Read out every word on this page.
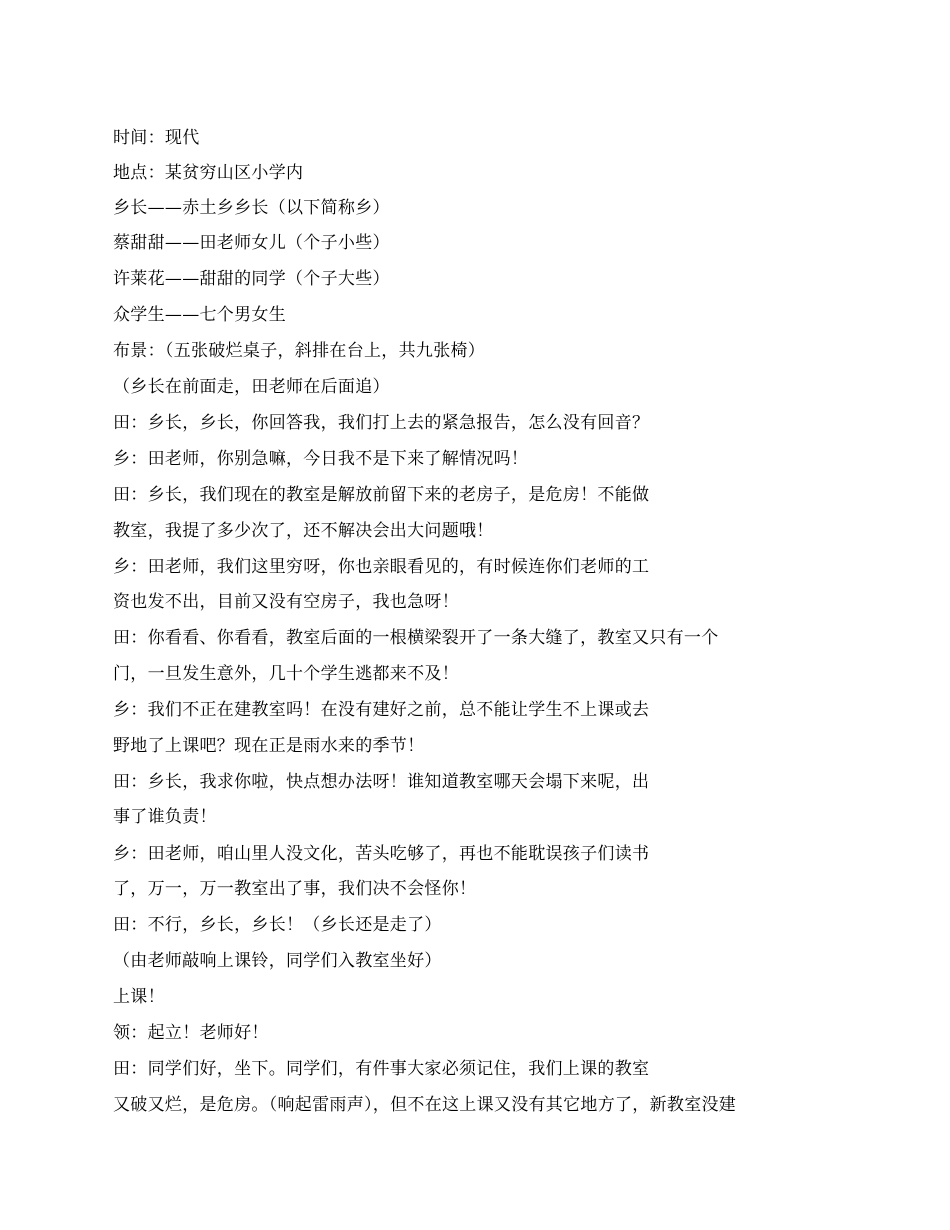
时间：现代
地点：某贫穷山区小学内
乡长——赤土乡乡长（以下简称乡）
蔡甜甜——田老师女儿（个子小些）
许莱花——甜甜的同学（个子大些）
众学生——七个男女生
布景：（五张破烂桌子，斜排在台上，共九张椅）
（乡长在前面走，田老师在后面追）
田：乡长，乡长，你回答我，我们打上去的紧急报告，怎么没有回音？
乡：田老师，你别急嘛，今日我不是下来了解情况吗！
田：乡长，我们现在的教室是解放前留下来的老房子，是危房！不能做
教室，我提了多少次了，还不解决会出大问题哦！
乡：田老师，我们这里穷呀，你也亲眼看见的，有时候连你们老师的工
资也发不出，目前又没有空房子，我也急呀！
田：你看看、你看看，教室后面的一根横梁裂开了一条大缝了，教室又只有一个
门，一旦发生意外，几十个学生逃都来不及！
乡：我们不正在建教室吗！在没有建好之前，总不能让学生不上课或去
野地了上课吧？现在正是雨水来的季节！
田：乡长，我求你啦，快点想办法呀！谁知道教室哪天会塌下来呢，出
事了谁负责！
乡：田老师，咱山里人没文化，苦头吃够了，再也不能耽误孩子们读书
了，万一，万一教室出了事，我们决不会怪你！
田：不行，乡长，乡长！（乡长还是走了）
（由老师敲响上课铃，同学们入教室坐好）
上课！
领：起立！老师好！
田：同学们好，坐下。同学们，有件事大家必须记住，我们上课的教室
又破又烂，是危房。（响起雷雨声），但不在这上课又没有其它地方了，新教室没建
